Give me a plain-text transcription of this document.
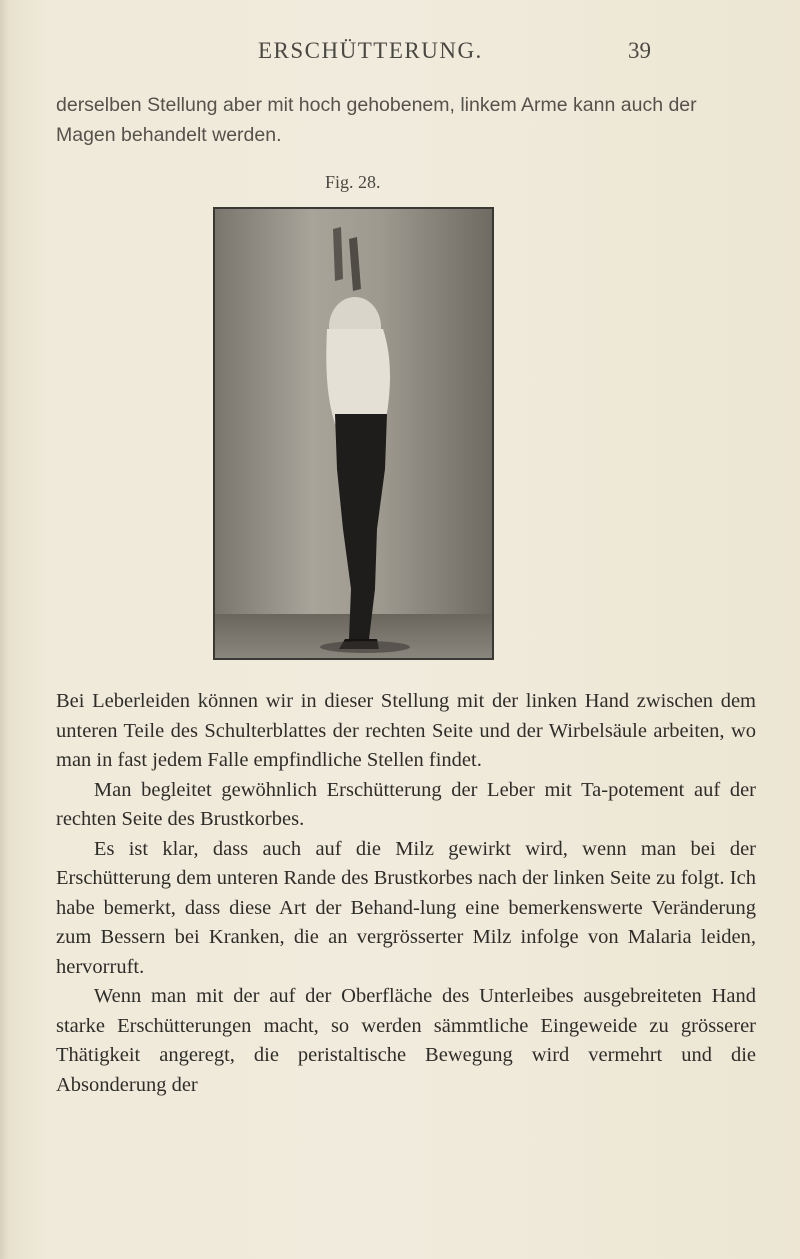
ERSCHÜTTERUNG.	39

derselben Stellung aber mit hoch gehobenem, linkem Arme kann auch der Magen behandelt werden.

Fig. 28.

Bei Leberleiden können wir in dieser Stellung mit der linken Hand zwischen dem unteren Teile des Schulterblattes der rechten Seite und der Wirbelsäule arbeiten, wo man in fast jedem Falle empfindliche Stellen findet.

Man begleitet gewöhnlich Erschütterung der Leber mit Ta-potement auf der rechten Seite des Brustkorbes.

Es ist klar, dass auch auf die Milz gewirkt wird, wenn man bei der Erschütterung dem unteren Rande des Brustkorbes nach der linken Seite zu folgt. Ich habe bemerkt, dass diese Art der Behand-lung eine bemerkenswerte Veränderung zum Bessern bei Kranken, die an vergrösserter Milz infolge von Malaria leiden, hervorruft.

Wenn man mit der auf der Oberfläche des Unterleibes ausgebreiteten Hand starke Erschütterungen macht, so werden sämmtliche Eingeweide zu grösserer Thätigkeit angeregt, die peristaltische Bewegung wird vermehrt und die Absonderung der
